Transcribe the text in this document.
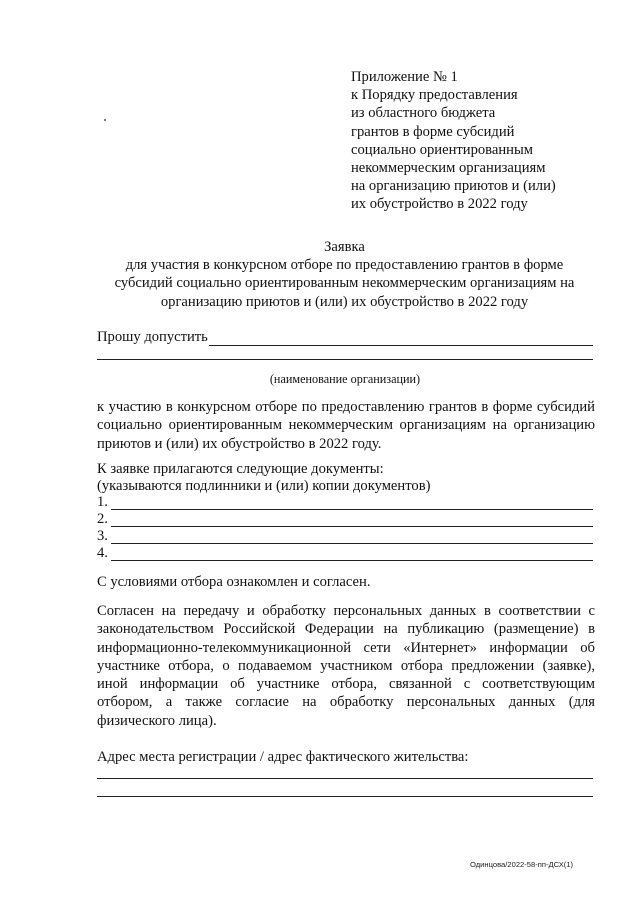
Приложение № 1
к Порядку предоставления
из областного бюджета
грантов в форме субсидий
социально ориентированным
некоммерческим организациям
на организацию приютов и (или)
их обустройство в 2022 году
Заявка
для участия в конкурсном отборе по предоставлению грантов в форме
субсидий социально ориентированным некоммерческим организациям на
организацию приютов и (или) их обустройство в 2022 году
Прошу допустить
(наименование организации)
к участию в конкурсном отборе по предоставлению грантов в форме субсидий
социально ориентированным некоммерческим организациям на организацию
приютов и (или) их обустройство в 2022 году.
К заявке прилагаются следующие документы:
(указываются подлинники и (или) копии документов)
1.
2.
3.
4.
С условиями отбора ознакомлен и согласен.
Согласен на передачу и обработку персональных данных в соответствии с
законодательством Российской Федерации на публикацию (размещение) в
информационно-телекоммуникационной сети «Интернет» информации об
участнике отбора, о подаваемом участником отбора предложении (заявке),
иной информации об участнике отбора, связанной с соответствующим
отбором, а также согласие на обработку персональных данных (для
физического лица).
Адрес места регистрации / адрес фактического жительства:
Одинцова/2022-58-пп-ДСХ(1)
